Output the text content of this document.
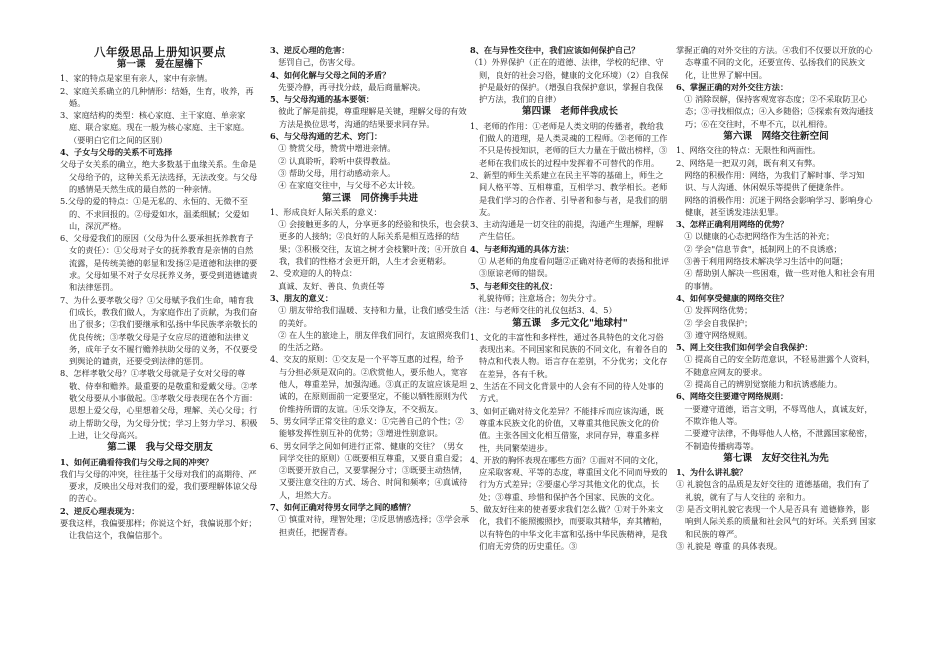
八年级思品上册知识要点
第一课　爱在屋檐下

1、家的特点是家里有亲人，家中有亲情。

2、家庭关系确立的几种情形：结婚，生育，收养，再婚。

3、家庭结构的类型：核心家庭、主干家庭、单亲家庭、联合家庭。现在一般为核心家庭、主干家庭。（要明白它们之间的区别）

4、子女与父母的关系不可选择

父母子女关系的确立，绝大多数基于血缘关系。生命是父母给予的，这种关系无法选择，无法改变。与父母的感情是天然生成的最自然的一种亲情。

5.父母的爱的特点：①是无私的、永恒的、无微不至的、不求回报的。②母爱如水，温柔细腻；父爱如山，深沉严格。

6、父母爱我们的原因（父母为什么要承担抚养教育子女的责任）：①父母对子女的抚养教育是亲情的自然流露，是传统美德的彰显和发扬②是道德和法律的要求。父母如果不对子女尽抚养义务，要受到道德谴责和法律惩罚。

7、为什么要孝敬父母？①父母赋予我们生命，哺育我们成长，教我们做人，为家庭作出了贡献，为我们奋出了很多；②我们要继承和弘扬中华民族孝亲敬长的优良传统；③孝敬父母是子女应尽的道德和法律义务，成年子女不履行赡养扶助父母的义务，不仅要受到舆论的谴责，还要受到法律的惩罚。

8、怎样孝敬父母？①孝敬父母就是子女对父母的尊敬、侍奉和赡养。最重要的是敬重和爱戴父母。②孝敬父母要从小事做起。③孝敬父母表现在各个方面：思想上爱父母，心里想着父母，理解、关心父母；行动上帮助父母，为父母分忧；学习上努力学习、积极上进，让父母高兴。

第二课　我与父母交朋友

1、如何正确看待我们与父母之间的冲突？

我们与父母的冲突，往往基于父母对我们的高期待、严要求，反映出父母对我们的爱，我们要理解体谅父母的苦心。

2、逆反心理表现为：

要我这样，我偏要那样；你说这个好，我偏说那个好；让我信这个，我偏信那个。

3、逆反心理的危害：

　惩罚自己，伤害父母。

4、如何化解与父母之间的矛盾？

　先要冷静，再寻找分歧，最后商量解决。

5、与父母沟通的基本要领：

　彼此了解是前提，尊重理解是关键，理解父母的有效方法是换位思考，沟通的结果要求同存异。

6、与父母沟通的艺术、窍门：

　① 赞赏父母，赞赏中增进亲情。

　② 认真聆听，聆听中获得教益。

　③ 帮助父母，用行动感动亲人。

　④ 在家庭交往中，与父母不必太计较。

第三课　同侪携手共进

1、形成良好人际关系的意义：

　① 会接触更多的人，分享更多的经验和快乐，也会获更多的人接纳；②良好的人际关系是相互选择的结果；③积极交往，友谊之树才会枝繁叶茂；④开放自我，我们的性格才会更开朗，人生才会更精彩。

2、受欢迎的人的特点：

　真诚、友好、善良、负责任等

3、朋友的意义：

　① 朋友带给我们温暖、支持和力量，让我们感受生活的美好。

　② 在人生的旅途上，朋友伴我们同行，友谊照亮我们的生活之路。

4、交友的原则：①交友是一个平等互惠的过程，给予与分担必须是双向的。②欣赏他人，要乐他人，宽容他人，尊重差异，加强沟通。③真正的友谊应该是坦诚的，在原则面前一定要坚定，不能以牺牲原则为代价维持所谓的友谊。④乐交诤友，不交损友。

5、男女同学正常交往的意义：①完善自己的个性；②能够发挥性别互补的优势；③增进性别意识。

6、男女同学之间如何进行正常、健康的交往？（男女同学交往的原则）①既要相互尊重，又要自重自爱；②既要开放自己，又要掌握分寸；③既要主动热情，又要注意交往的方式、场合、时间和频率；④真诚待人，坦然大方。

7、如何正确对待男女同学之间的感情？

　① 慎重对待，理智处理；②反思情感选择；③学会承担责任，把握青春。

8、在与异性交往中，我们应该如何保护自己？

（1）外界保护（正在的道德、法律，学校的纪律、守则，良好的社会习俗，健康的文化环境）（2）自我保护是最好的保护。（增强自我保护意识，掌握自我保护方法，我们的自律）

第四课　老师伴我成长

1、老师的作用：①老师是人类文明的传播者，教给我们做人的道理，是人类灵魂的工程师。②老师的工作不只是传授知识，老师的巨大力量在于做出榜样，③老师在我们成长的过程中发挥着不可替代的作用。

2、新型的师生关系建立在民主平等的基础上，师生之间人格平等、互相尊重，互相学习、教学相长。老师是我们学习的合作者、引导者和参与者，是我们的朋友。

3、主动沟通是一切交往的前提，沟通产生理解，理解产生信任。

4、与老师沟通的具体方法：

　① 从老师的角度看问题②正确对待老师的表扬和批评③原谅老师的错误。

5、与老师交往的礼仪：

　礼貌待师；注意场合；勿失分寸。

（注：与老师交往的礼仪包括3、4、5）

第五课　多元文化"地球村"

1、文化的丰富性和多样性，通过各具特色的文化习俗表现出来。不同国家和民族的不同文化，有着各自的特点和代表人物。语言存在差别，不分优劣；文化存在差异，各有千秋。

2、生活在不同文化背景中的人会有不同的待人处事的方式。

3、如何正确对待文化差异？不能排斥而应该沟通，既尊重本民族文化的价值，又尊重其他民族文化的价值。主张各国文化相互借鉴，求同存异，尊重多样性，共同繁荣进步。

4、开放的胸怀表现在哪些方面？①面对不同的文化，应采取客观、平等的态度，尊重国文化不同而导致的行为方式差异；②要虚心学习其他文化的优点，长处；③尊重、珍惜和保护各个国家、民族的文化。

5、做友好往来的使者要求我们怎么做？①对于外来文化，我们不能照搬照抄，而要取其精华，弃其糟粕，以有特色的中华文化丰富和弘扬中华民族精神，是我们肩无旁贷的历史重任。③

掌握正确的对外交往的方法。④我们不仅要以开放的心态尊重不同的文化，还要宣传、弘扬我们的民族文化，让世界了解中国。

6、掌握正确的对外交往方法：

　① 消除误解，保持客观宽容态度；②不采取防卫心态；③寻找相似点；④入乡随俗；⑤探索有效沟通技巧；⑥在交往时，不卑不亢，以礼相待。

第六课　网络交往新空间

1、网络交往的特点：无限性和两面性。

2、网络是一把双刃剑，既有利又有弊。

　网络的积极作用：网络，为我们了解时事、学习知识、与人沟通、休闲娱乐等提供了便捷条件。

　网络的消极作用：沉迷于网络会影响学习、影响身心健康，甚至诱发违法犯罪。

3、怎样正确利用网络的优势？

　① 以健康的心态把网络作为生活的补充；

　② 学会"信息节食"，抵制网上的不良诱惑；

　③善于利用网络技术解决学习生活中的问题；

　④ 帮助别人解决一些困难，做一些对他人和社会有用的事情。

4、如何享受健康的网络交往？

　① 发挥网络优势；

　② 学会自我保护；

　③ 遵守网络规则。

5、网上交往我们如何学会自我保护：

　① 提高自己的安全防范意识，不轻易泄露个人资料，不随意应网友的要求。

　② 提高自己的辨别觉察能力和抗诱惑能力。

6、网络交往要遵守网络规则：

　一要遵守道德，语言文明，不辱骂他人，真诚友好，不欺诈他人等。

　二要遵守法律，不侮辱他人人格，不泄露国家秘密，不制造传播病毒等。

第七课　友好交往礼为先

1、为什么讲礼貌？

① 礼貌包含的品质是友好交往的 道德基础，我们有了礼貌，就有了与人交往的 亲和力。

② 是否文明礼貌它表现一个人是否具有 道德修养，影响到人际关系的质量和社会风气的好坏。关系到 国家和民族的尊严。

③ 礼貌是 尊重 的具体表现。
